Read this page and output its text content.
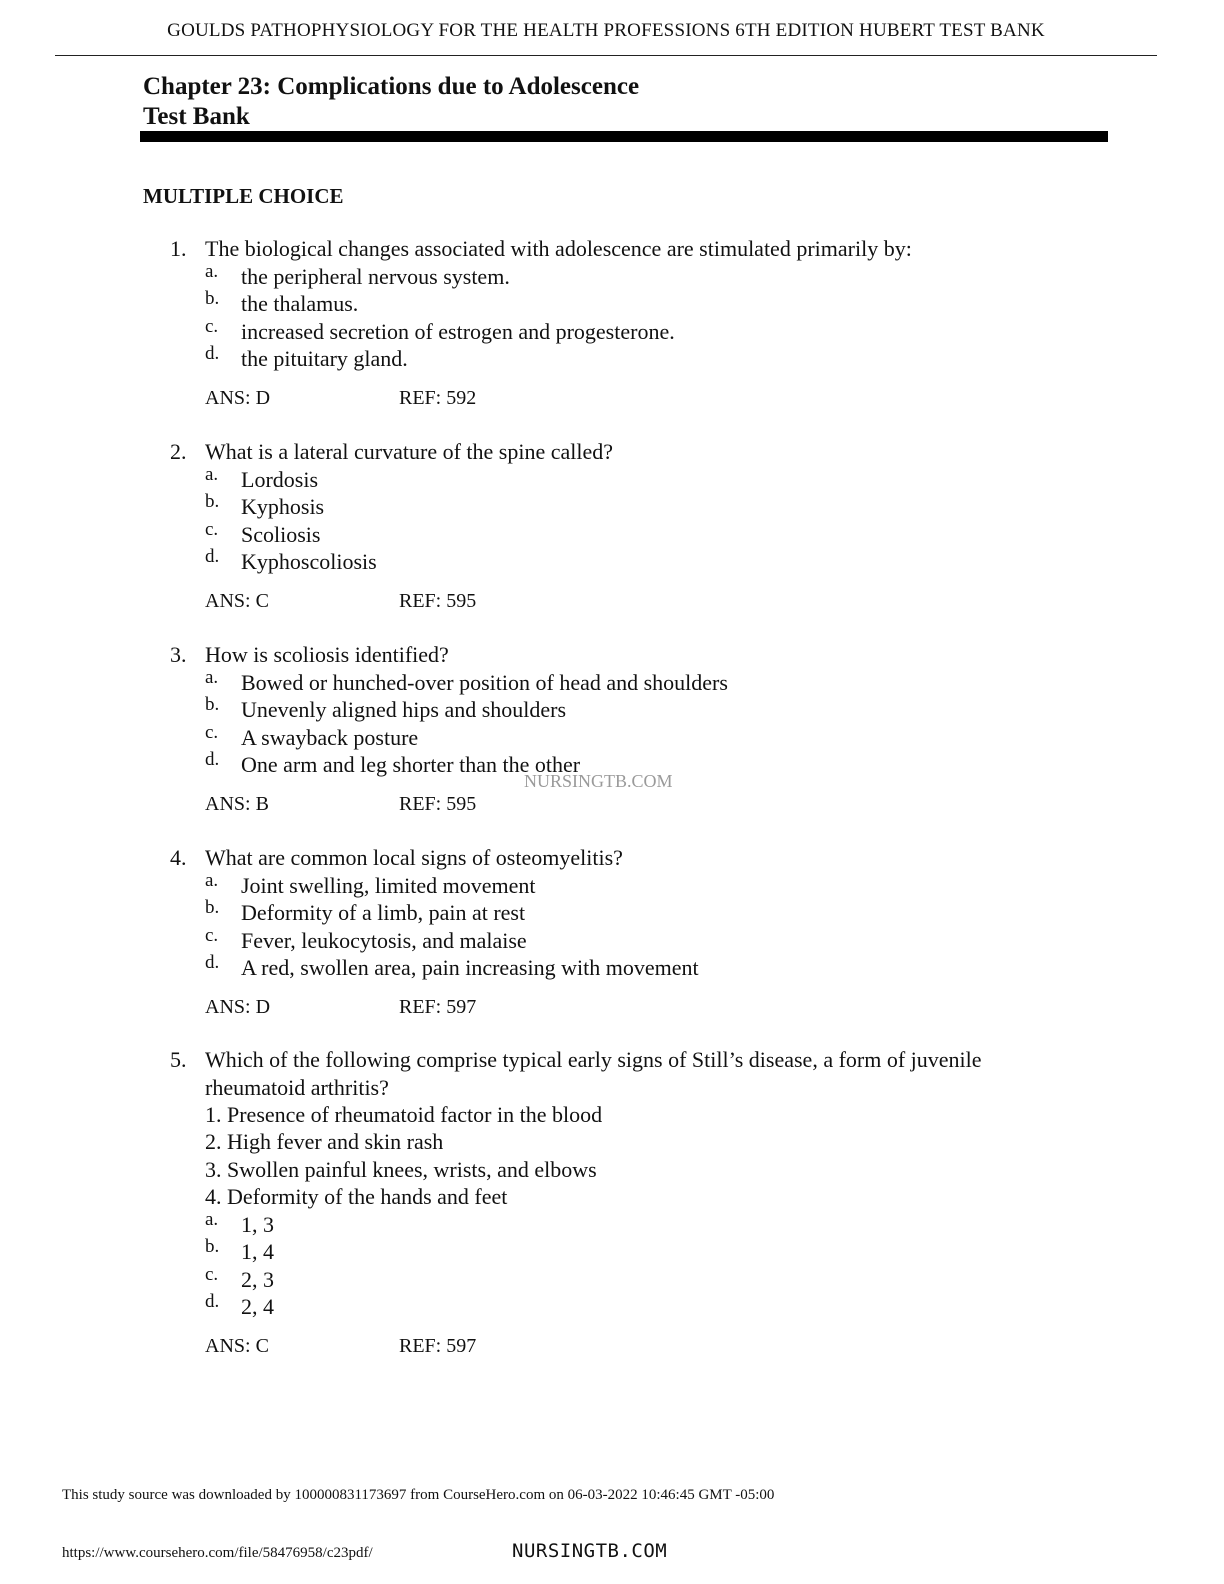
GOULDS PATHOPHYSIOLOGY FOR THE HEALTH PROFESSIONS 6TH EDITION HUBERT TEST BANK
Chapter 23: Complications due to Adolescence
Test Bank
MULTIPLE CHOICE
1. The biological changes associated with adolescence are stimulated primarily by:
a. the peripheral nervous system.
b. the thalamus.
c. increased secretion of estrogen and progesterone.
d. the pituitary gland.
ANS: D	REF: 592
2. What is a lateral curvature of the spine called?
a. Lordosis
b. Kyphosis
c. Scoliosis
d. Kyphoscoliosis
ANS: C	REF: 595
3. How is scoliosis identified?
a. Bowed or hunched-over position of head and shoulders
b. Unevenly aligned hips and shoulders
c. A swayback posture
d. One arm and leg shorter than the other
ANS: B	REF: 595
4. What are common local signs of osteomyelitis?
a. Joint swelling, limited movement
b. Deformity of a limb, pain at rest
c. Fever, leukocytosis, and malaise
d. A red, swollen area, pain increasing with movement
ANS: D	REF: 597
5. Which of the following comprise typical early signs of Still’s disease, a form of juvenile rheumatoid arthritis?
1. Presence of rheumatoid factor in the blood
2. High fever and skin rash
3. Swollen painful knees, wrists, and elbows
4. Deformity of the hands and feet
a. 1, 3
b. 1, 4
c. 2, 3
d. 2, 4
ANS: C	REF: 597
NURSINGTB.COM
This study source was downloaded by 100000831173697 from CourseHero.com on 06-03-2022 10:46:45 GMT -05:00
https://www.coursehero.com/file/58476958/c23pdf/	NURSINGTB.COM
